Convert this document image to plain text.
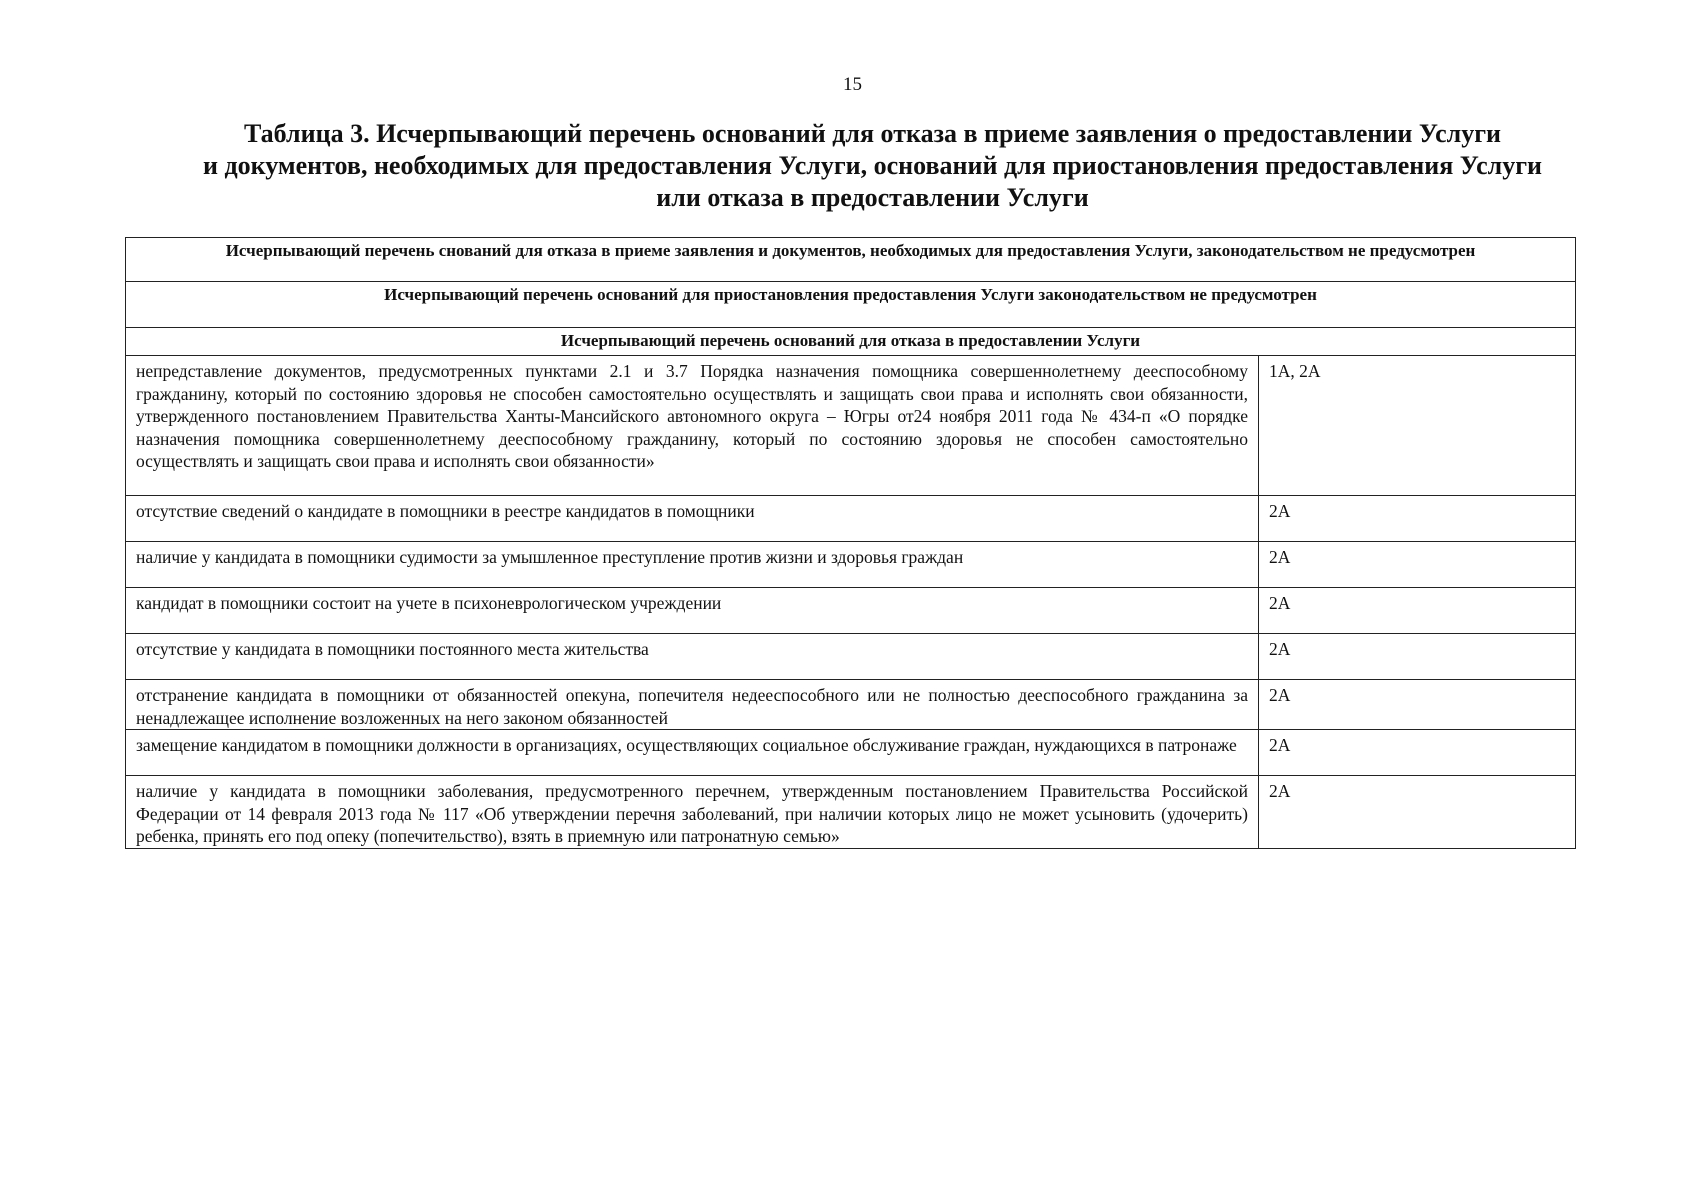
15
Таблица 3. Исчерпывающий перечень оснований для отказа в приеме заявления о предоставлении Услуги
и документов, необходимых для предоставления Услуги, оснований для приостановления предоставления Услуги
или отказа в предоставлении Услуги
Исчерпывающий перечень снований для отказа в приеме заявления и документов, необходимых для предоставления Услуги, законодательством не предусмотрен	
Исчерпывающий перечень оснований для приостановления предоставления Услуги законодательством не предусмотрен	
Исчерпывающий перечень оснований для отказа в предоставлении Услуги	
непредставление документов, предусмотренных пунктами 2.1 и 3.7 Порядка назначения помощника совершеннолетнему дееспособному гражданину, который по состоянию здоровья не способен самостоятельно осуществлять и защищать свои права и исполнять свои обязанности, утвержденного постановлением Правительства Ханты-Мансийского автономного округа – Югры от24 ноября 2011 года № 434-п «О порядке назначения помощника совершеннолетнему дееспособному гражданину, который по состоянию здоровья не способен самостоятельно осуществлять и защищать свои права и исполнять свои обязанности»	1А, 2А
отсутствие сведений о кандидате в помощники в реестре кандидатов в помощники	2А
наличие у кандидата в помощники судимости за умышленное преступление против жизни и здоровья граждан	2А
кандидат в помощники состоит на учете в психоневрологическом учреждении	2А
отсутствие у кандидата в помощники постоянного места жительства	2А
отстранение кандидата в помощники от обязанностей опекуна, попечителя недееспособного или не полностью дееспособного гражданина за ненадлежащее исполнение возложенных на него законом обязанностей	2А
замещение кандидатом в помощники должности в организациях, осуществляющих социальное обслуживание граждан, нуждающихся в патронаже	2А
наличие у кандидата в помощники заболевания, предусмотренного перечнем, утвержденным постановлением Правительства Российской Федерации от 14 февраля 2013 года № 117 «Об утверждении перечня заболеваний, при наличии которых лицо не может усыновить (удочерить) ребенка, принять его под опеку (попечительство), взять в приемную или патронатную семью»	2А
